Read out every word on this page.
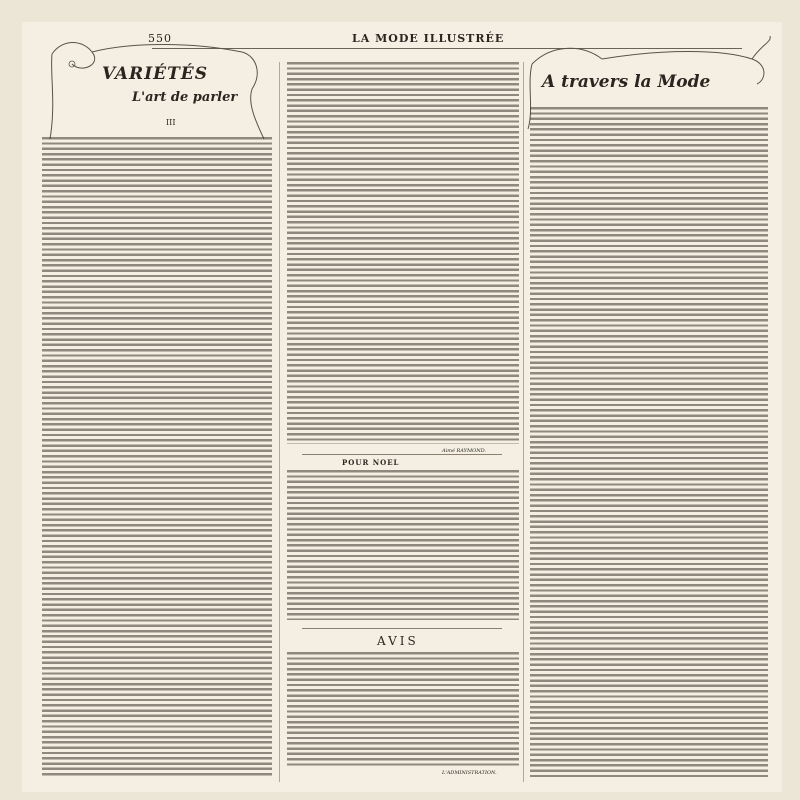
550	LA MODE ILLUSTRÉE
VARIÉTÉS
L'art de parler
III
A travers la Mode
Aimé RAYMOND.
POUR NOEL
AVIS
L'ADMINISTRATION.
